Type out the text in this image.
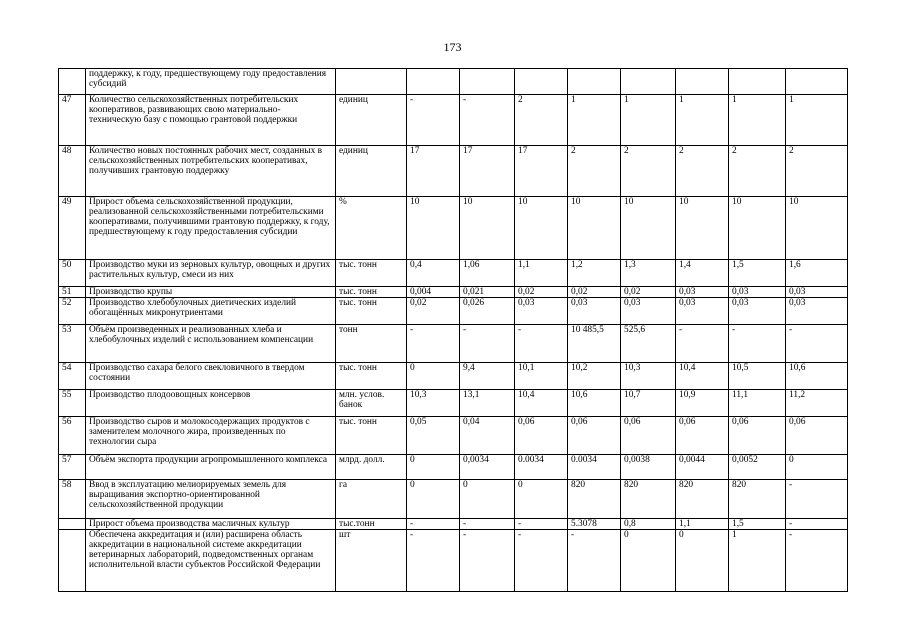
173
	поддержку, к году, предшествующему году предоставления субсидий									
47	Количество сельскохозяйственных потребительских кооперативов, развивающих свою материально-техническую базу с помощью грантовой поддержки	единиц	-	-	2	1	1	1	1	1
48	Количество новых постоянных рабочих мест, созданных в сельскохозяйственных потребительских кооперативах, получивших грантовую поддержку	единиц	17	17	17	2	2	2	2	2
49	Прирост объема сельскохозяйственной продукции, реализованной сельскохозяйственными потребительскими кооперативами, получившими грантовую поддержку, к году, предшествующему к году предоставления субсидии	%	10	10	10	10	10	10	10	10
50	Производство муки из зерновых культур, овощных и других растительных культур, смеси из них	тыс. тонн	0,4	1,06	1,1	1,2	1,3	1,4	1,5	1,6
51	Производство крупы	тыс. тонн	0,004	0,021	0,02	0,02	0,02	0,03	0,03	0,03
52	Производство хлебобулочных диетических изделий обогащённых микронутриентами	тыс. тонн	0,02	0,026	0,03	0,03	0,03	0,03	0,03	0,03
53	Объём произведенных и реализованных хлеба и хлебобулочных изделий с использованием компенсации	тонн	-	-	-	10 485,5	525,6	-	-	-
54	Производство сахара белого свекловичного в твердом состоянии	тыс. тонн	0	9,4	10,1	10,2	10,3	10,4	10,5	10,6
55	Производство плодоовощных консервов	млн. услов. банок	10,3	13,1	10,4	10,6	10,7	10,9	11,1	11,2
56	Производство сыров и молокосодержащих продуктов с заменителем молочного жира, произведенных по технологии сыра	тыс. тонн	0,05	0,04	0,06	0,06	0,06	0,06	0,06	0,06
57	Объём экспорта продукции агропромышленного комплекса	млрд. долл.	0	0,0034	0.0034	0.0034	0,0038	0,0044	0,0052	0
58	Ввод в эксплуатацию мелиорируемых земель для выращивания экспортно-ориентированной сельскохозяйственной продукции	га	0	0	0	820	820	820	820	-
	Прирост объема производства масличных культур	тыс.тонн	-	-	-	5.3078	0,8	1,1	1,5	-
	Обеспечена аккредитация и (или) расширена область аккредитации в национальной системе аккредитации ветеринарных лабораторий, подведомственных органам исполнительной власти субъектов Российской Федерации	шт	-	-	-	-	0	0	1	-
